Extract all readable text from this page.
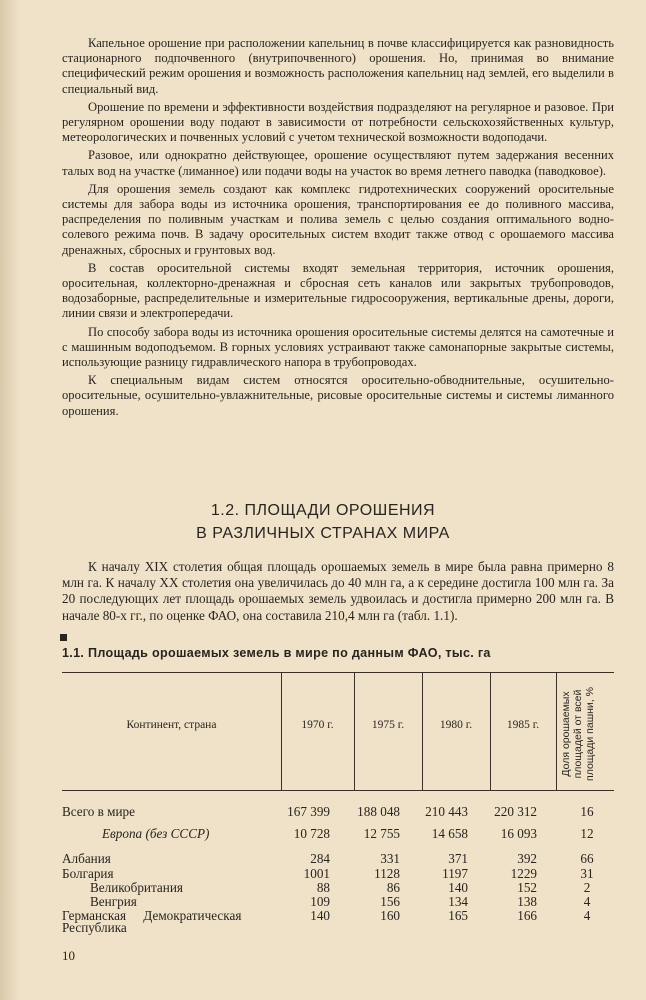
Капельное орошение при расположении капельниц в почве классифицируется как разновидность стационарного подпочвенного (внутрипочвенного) орошения. Но, принимая во внимание специфический режим орошения и возможность расположения капельниц над землей, его выделили в специальный вид.

Орошение по времени и эффективности воздействия подразделяют на регулярное и разовое. При регулярном орошении воду подают в зависимости от потребности сельскохозяйственных культур, метеорологических и почвенных условий с учетом технической возможности водоподачи.

Разовое, или однократно действующее, орошение осуществляют путем задержания весенних талых вод на участке (лиманное) или подачи воды на участок во время летнего паводка (паводковое).

Для орошения земель создают как комплекс гидротехнических сооружений оросительные системы для забора воды из источника орошения, транспортирования ее до поливного массива, распределения по поливным участкам и полива земель с целью создания оптимального водно-солевого режима почв. В задачу оросительных систем входит также отвод с орошаемого массива дренажных, сбросных и грунтовых вод.

В состав оросительной системы входят земельная территория, источник орошения, оросительная, коллекторно-дренажная и сбросная сеть каналов или закрытых трубопроводов, водозаборные, распределительные и измерительные гидросооружения, вертикальные дрены, дороги, линии связи и электропередачи.

По способу забора воды из источника орошения оросительные системы делятся на самотечные и с машинным водоподъемом. В горных условиях устраивают также самонапорные закрытые системы, использующие разницу гидравлического напора в трубопроводах.

К специальным видам систем относятся оросительно-обводнительные, осушительно-оросительные, осушительно-увлажнительные, рисовые оросительные системы и системы лиманного орошения.

1.2. ПЛОЩАДИ ОРОШЕНИЯ
В РАЗЛИЧНЫХ СТРАНАХ МИРА

К началу XIX столетия общая площадь орошаемых земель в мире была равна примерно 8 млн га. К началу XX столетия она увеличилась до 40 млн га, а к середине достигла 100 млн га. За 20 последующих лет площадь орошаемых земель удвоилась и достигла примерно 200 млн га. В начале 80-х гг., по оценке ФАО, она составила 210,4 млн га (табл. 1.1).

1.1. Площадь орошаемых земель в мире по данным ФАО, тыс. га
Континент, страна	1970 г.	1975 г.	1980 г.	1985 г.	Доля орошаемых площадей от всей площади пашни, %
Всего в мире	167 399	188 048	210 443	220 312	16
Европа (без СССР)	10 728	12 755	14 658	16 093	12
Албания	284	331	371	392	66
Болгария	1001	1128	1197	1229	31
Великобритания	88	86	140	152	2
Венгрия	109	156	134	138	4
Германская Демократическая	140	160	165	166	4
Республика
10
